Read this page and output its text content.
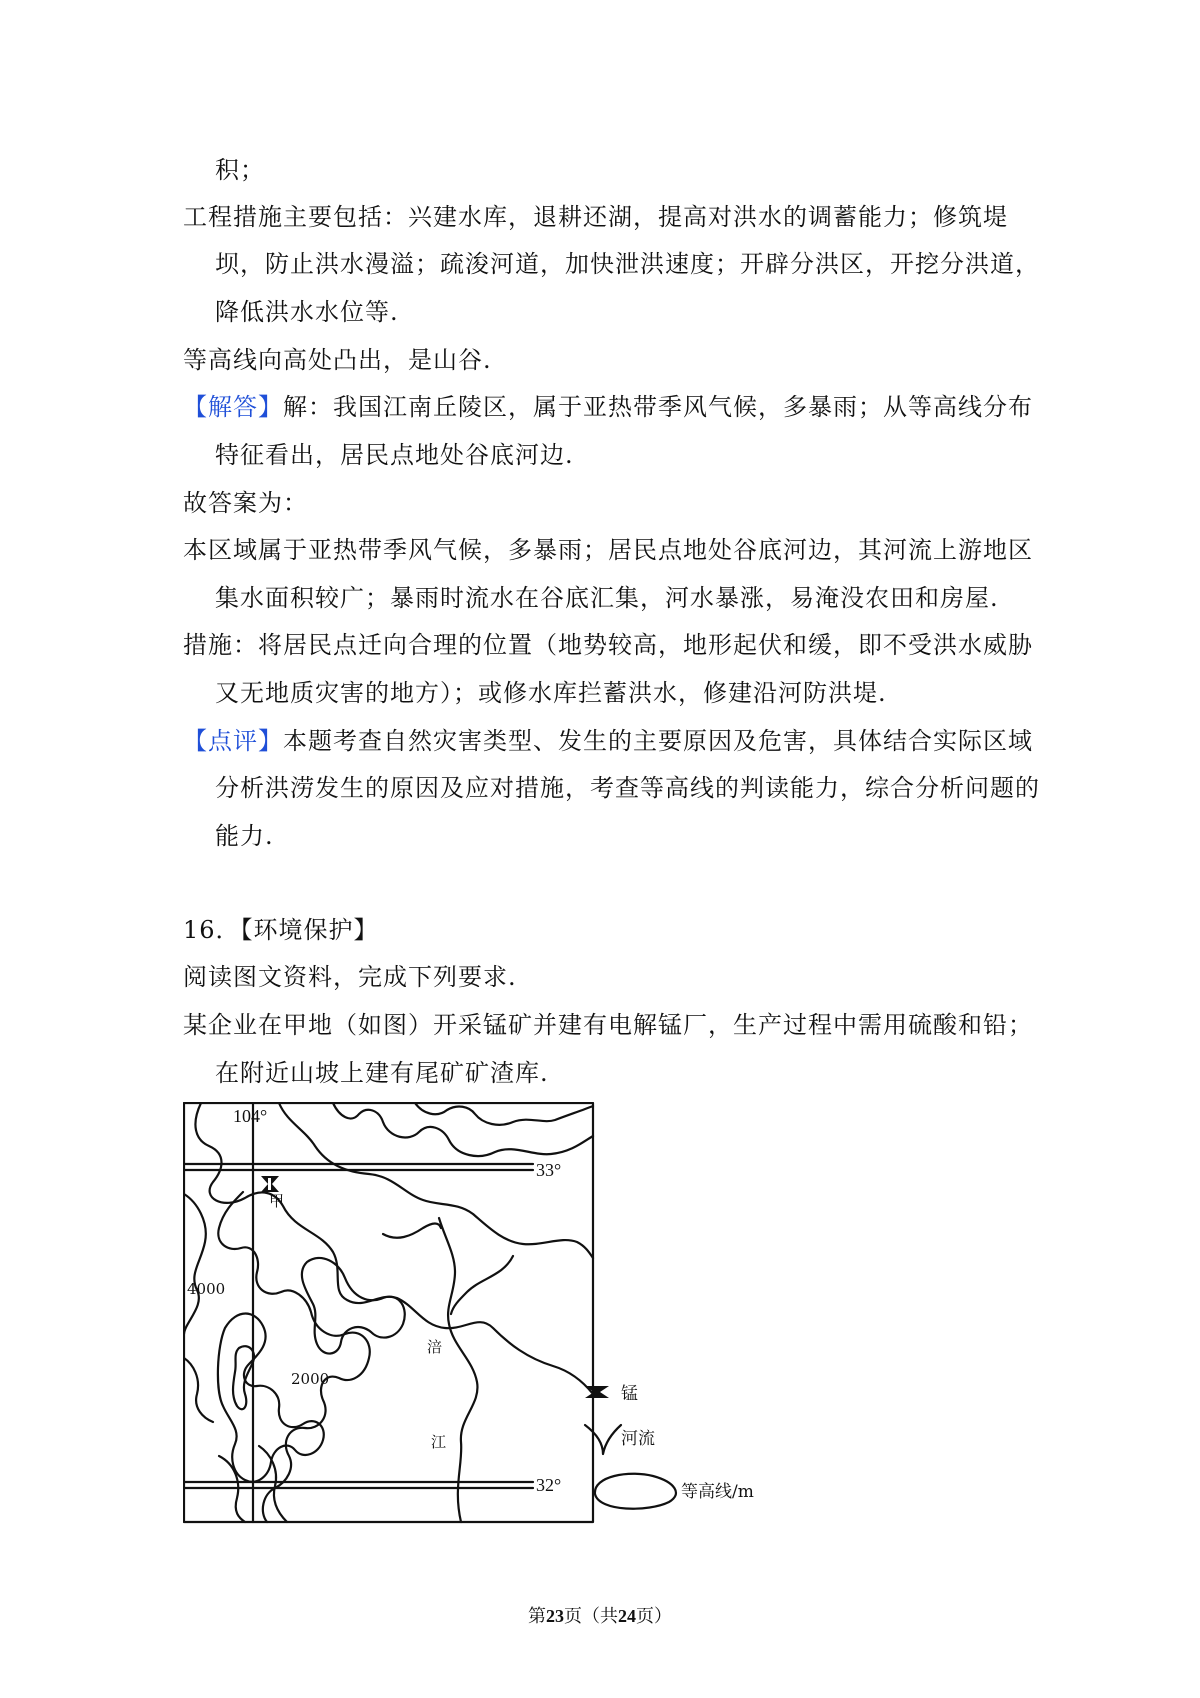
积；
工程措施主要包括：兴建水库，退耕还湖，提高对洪水的调蓄能力；修筑堤
坝，防止洪水漫溢；疏浚河道，加快泄洪速度；开辟分洪区，开挖分洪道，
降低洪水水位等.
等高线向高处凸出，是山谷.
【解答】解：我国江南丘陵区，属于亚热带季风气候，多暴雨；从等高线分布
特征看出，居民点地处谷底河边.
故答案为：
本区域属于亚热带季风气候，多暴雨；居民点地处谷底河边，其河流上游地区
集水面积较广；暴雨时流水在谷底汇集，河水暴涨，易淹没农田和房屋.
措施：将居民点迁向合理的位置（地势较高，地形起伏和缓，即不受洪水威胁
又无地质灾害的地方）；或修水库拦蓄洪水，修建沿河防洪堤.
【点评】本题考查自然灾害类型、发生的主要原因及危害，具体结合实际区域
分析洪涝发生的原因及应对措施，考查等高线的判读能力，综合分析问题的
能力.
16．【环境保护】
阅读图文资料，完成下列要求.
某企业在甲地（如图）开采锰矿并建有电解锰厂，生产过程中需用硫酸和铅；
在附近山坡上建有尾矿矿渣库.
104°
33°
32°
4000
2000
甲
涪
江
锰
河流
等高线/m
第23页（共24页）
